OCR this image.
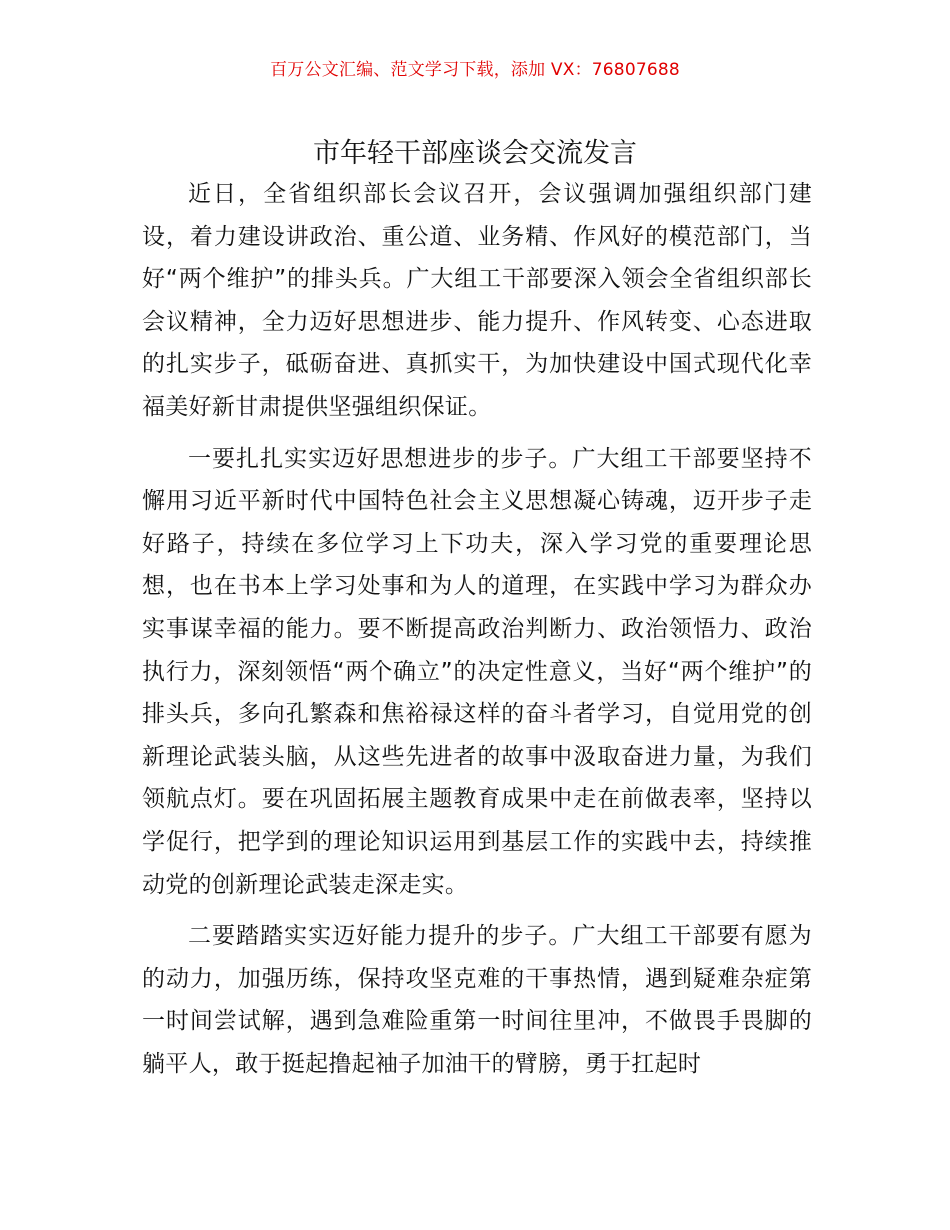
百万公文汇编、范文学习下载，添加 VX：76807688
市年轻干部座谈会交流发言

近日，全省组织部长会议召开，会议强调加强组织部门建设，着力建设讲政治、重公道、业务精、作风好的模范部门，当好“两个维护”的排头兵。广大组工干部要深入领会全省组织部长会议精神，全力迈好思想进步、能力提升、作风转变、心态进取的扎实步子，砥砺奋进、真抓实干，为加快建设中国式现代化幸福美好新甘肃提供坚强组织保证。

一要扎扎实实迈好思想进步的步子。广大组工干部要坚持不懈用习近平新时代中国特色社会主义思想凝心铸魂，迈开步子走好路子，持续在多位学习上下功夫，深入学习党的重要理论思想，也在书本上学习处事和为人的道理，在实践中学习为群众办实事谋幸福的能力。要不断提高政治判断力、政治领悟力、政治执行力，深刻领悟“两个确立”的决定性意义，当好“两个维护”的排头兵，多向孔繁森和焦裕禄这样的奋斗者学习，自觉用党的创新理论武装头脑，从这些先进者的故事中汲取奋进力量，为我们领航点灯。要在巩固拓展主题教育成果中走在前做表率，坚持以学促行，把学到的理论知识运用到基层工作的实践中去，持续推动党的创新理论武装走深走实。

二要踏踏实实迈好能力提升的步子。广大组工干部要有愿为的动力，加强历练，保持攻坚克难的干事热情，遇到疑难杂症第一时间尝试解，遇到急难险重第一时间往里冲，不做畏手畏脚的躺平人，敢于挺起撸起袖子加油干的臂膀，勇于扛起时
